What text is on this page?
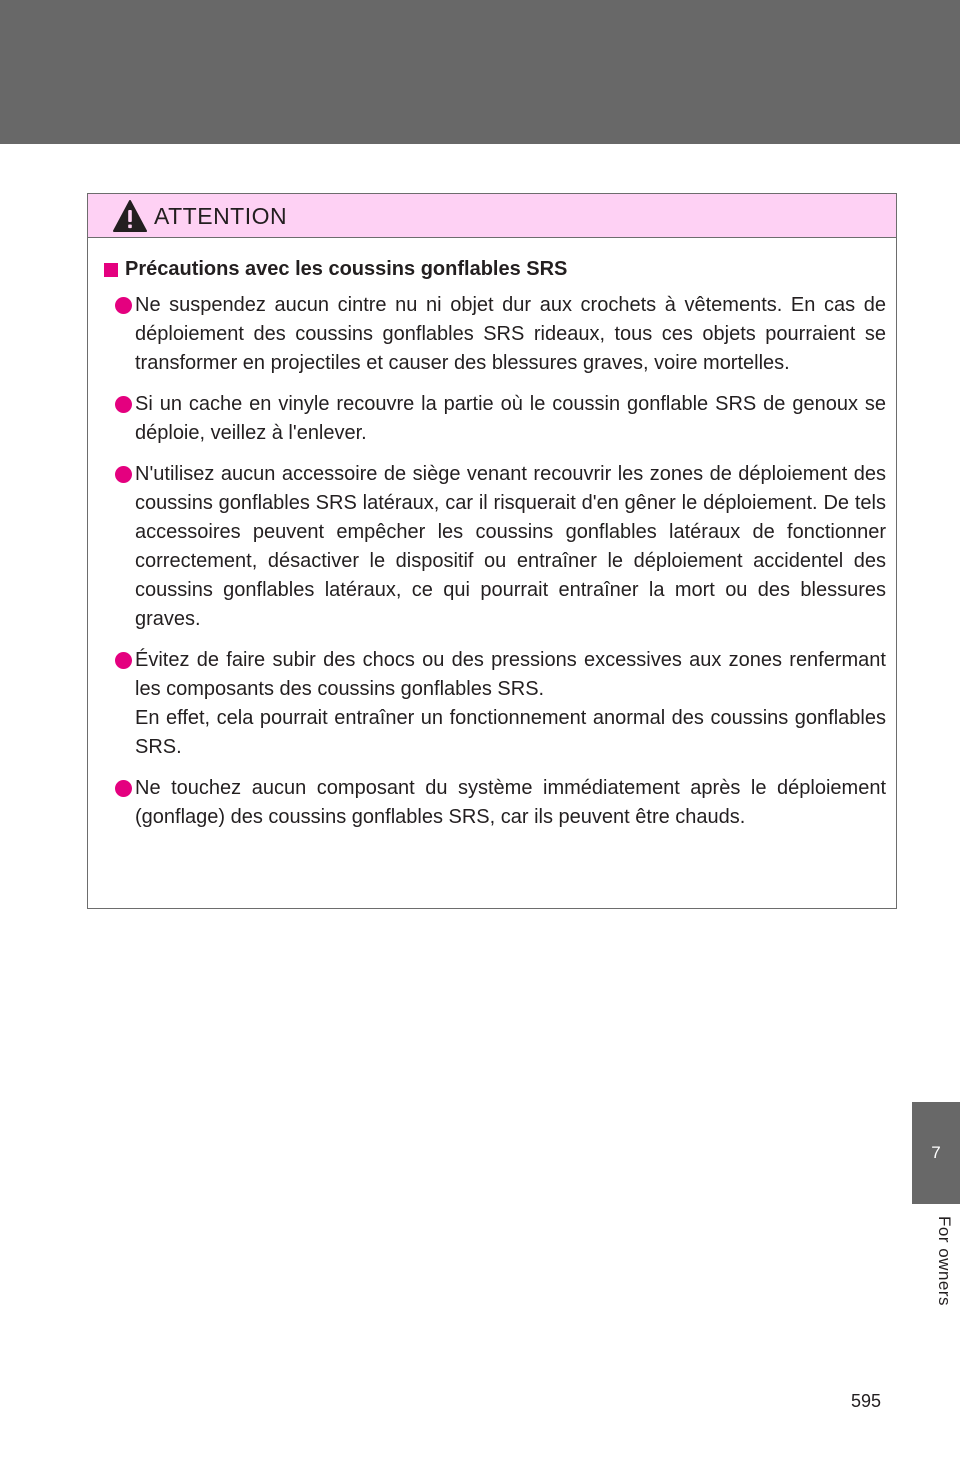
ATTENTION
Précautions avec les coussins gonflables SRS

Ne suspendez aucun cintre nu ni objet dur aux crochets à vêtements. En cas de déploiement des coussins gonflables SRS rideaux, tous ces objets pourraient se transformer en projectiles et causer des blessures graves, voire mortelles.

Si un cache en vinyle recouvre la partie où le coussin gonflable SRS de genoux se déploie, veillez à l'enlever.

N'utilisez aucun accessoire de siège venant recouvrir les zones de déploiement des coussins gonflables SRS latéraux, car il risquerait d'en gêner le déploiement. De tels accessoires peuvent empêcher les coussins gonflables latéraux de fonctionner correctement, désactiver le dispositif ou entraîner le déploiement accidentel des coussins gonflables latéraux, ce qui pourrait entraîner la mort ou des blessures graves.

Évitez de faire subir des chocs ou des pressions excessives aux zones renfermant les composants des coussins gonflables SRS.

En effet, cela pourrait entraîner un fonctionnement anormal des coussins gonflables SRS.

Ne touchez aucun composant du système immédiatement après le déploiement (gonflage) des coussins gonflables SRS, car ils peuvent être chauds.

7
For owners
595
